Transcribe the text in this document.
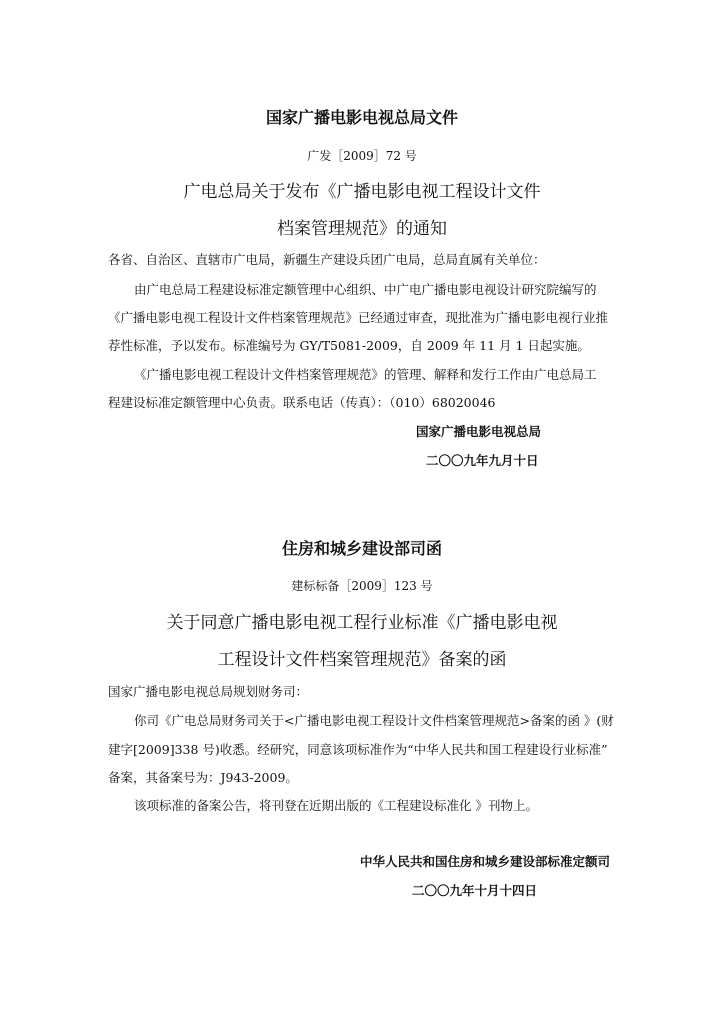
国家广播电影电视总局文件
广发［2009］72 号
广电总局关于发布《广播电影电视工程设计文件
档案管理规范》的通知
各省、自治区、直辖市广电局，新疆生产建设兵团广电局，总局直属有关单位：
由广电总局工程建设标准定额管理中心组织、中广电广播电影电视设计研究院编写的
《广播电影电视工程设计文件档案管理规范》已经通过审查，现批准为广播电影电视行业推
荐性标准，予以发布。标准编号为 GY/T5081-2009，自 2009 年 11 月 1 日起实施。
《广播电影电视工程设计文件档案管理规范》的管理、解释和发行工作由广电总局工
程建设标准定额管理中心负责。联系电话（传真）：（010）68020046
国家广播电影电视总局
二〇〇九年九月十日
住房和城乡建设部司函
建标标备［2009］123 号
关于同意广播电影电视工程行业标准《广播电影电视
工程设计文件档案管理规范》备案的函
国家广播电影电视总局规划财务司：
你司《广电总局财务司关于<广播电影电视工程设计文件档案管理规范>备案的函 》(财
建字[2009]338 号)收悉。经研究，同意该项标准作为“中华人民共和国工程建设行业标准”
备案，其备案号为：J943-2009。
该项标准的备案公告，将刊登在近期出版的《工程建设标准化 》刊物上。
中华人民共和国住房和城乡建设部标准定额司
二〇〇九年十月十四日
